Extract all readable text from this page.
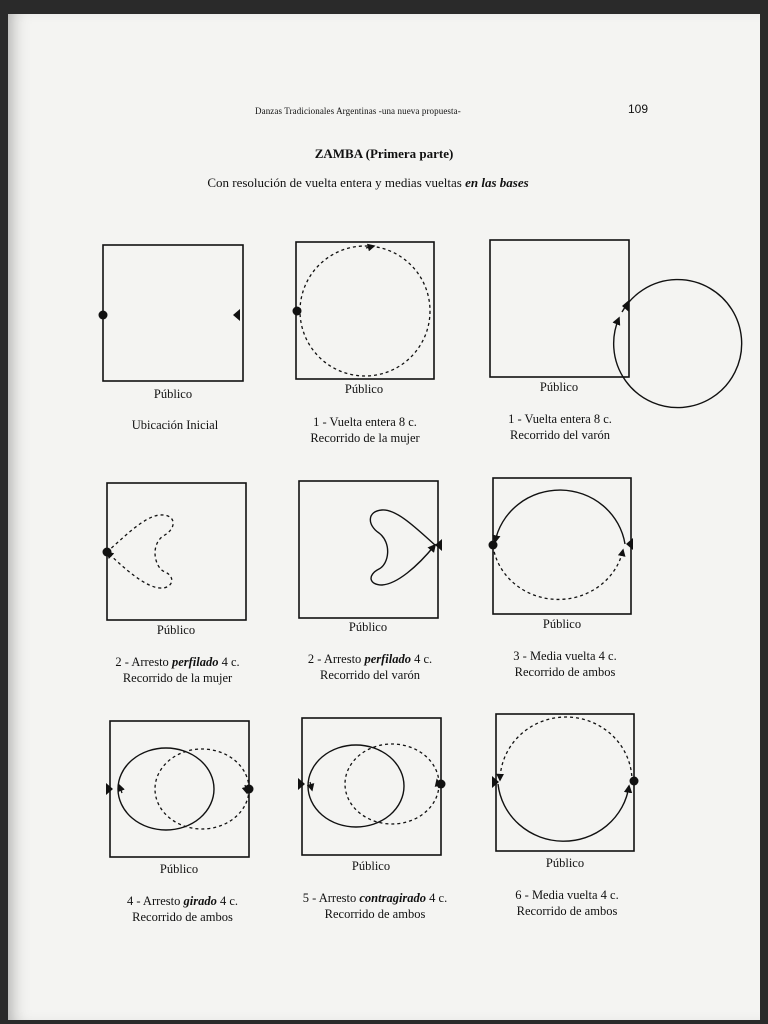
Danzas Tradicionales Argentinas -una nueva propuesta-	109
ZAMBA (Primera parte)
Con resolución de vuelta entera y medias vueltas en las bases
Público
Ubicación Inicial
Público
1 - Vuelta entera 8 c.
Recorrido de la mujer
Público
1 - Vuelta entera 8 c.
Recorrido del varón
Público
2 - Arresto perfilado 4 c.
Recorrido de la mujer
Público
2 - Arresto perfilado 4 c.
Recorrido del varón
Público
3 - Media vuelta 4 c.
Recorrido de ambos
Público
4 - Arresto girado 4 c.
Recorrido de ambos
Público
5 - Arresto contragirado 4 c.
Recorrido de ambos
Público
6 - Media vuelta 4 c.
Recorrido de ambos
